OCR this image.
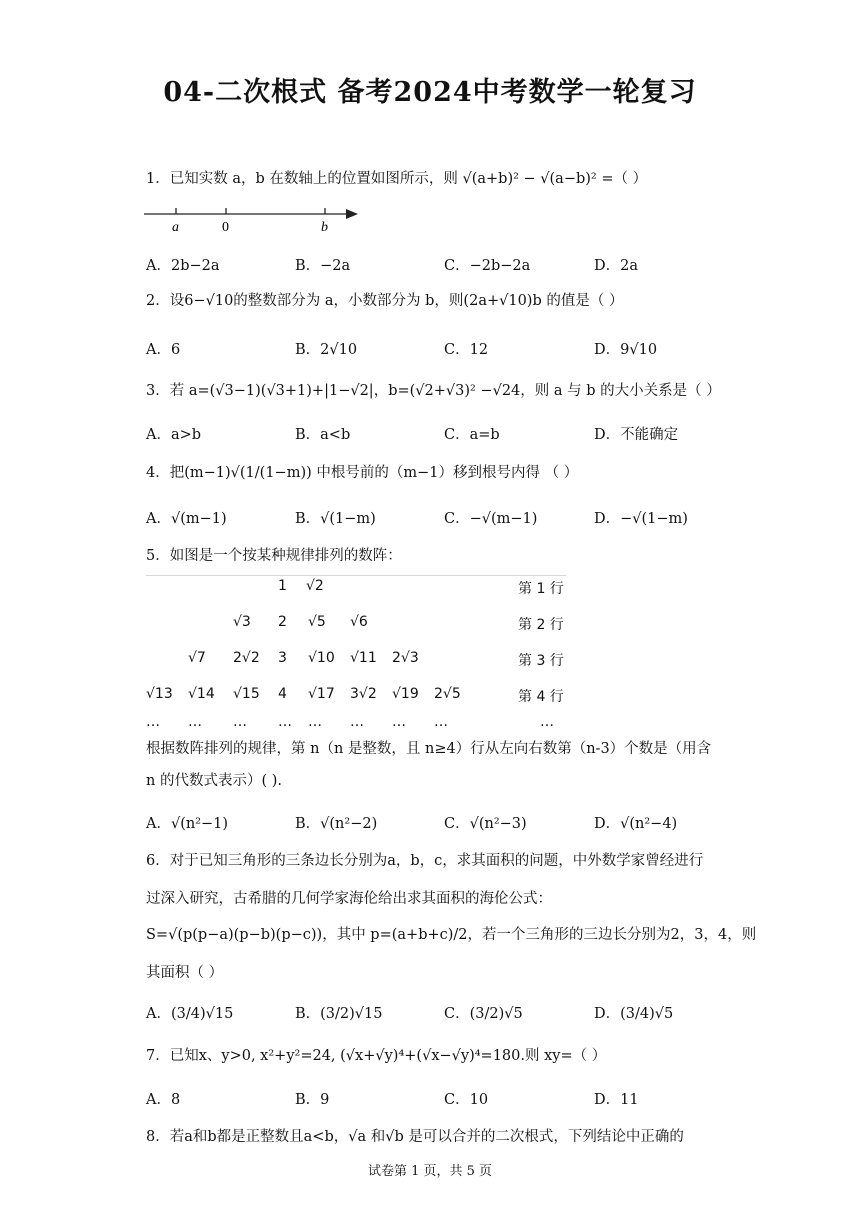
04-二次根式 备考2024中考数学一轮复习
1．已知实数 a，b 在数轴上的位置如图所示，则 √(a+b)² − √(a−b)² =（ ）
a	0	b
A．2b−2a	B．−2a	C．−2b−2a	D．2a
2．设6−√10的整数部分为 a，小数部分为 b，则(2a+√10)b 的值是（ ）
A．6	B．2√10	C．12	D．9√10
3．若 a=(√3−1)(√3+1)+|1−√2|，b=(√2+√3)² −√24，则 a 与 b 的大小关系是（ ）
A．a>b	B．a<b	C．a=b	D．不能确定
4．把(m−1)√(1/(1−m)) 中根号前的（m−1）移到根号内得 （ ）
A．√(m−1)	B．√(1−m)	C．−√(m−1)	D．−√(1−m)
5．如图是一个按某种规律排列的数阵：
1 √2	第 1 行
√3 2 √5 √6	第 2 行
√7 2√2 3 √10 √11 2√3	第 3 行
√13 √14 √15 4 √17 3√2 √19 2√5	第 4 行
… … … … … … … …	…
根据数阵排列的规律，第 n（n 是整数，且 n≥4）行从左向右数第（n-3）个数是（用含
n 的代数式表示）( ).
A．√(n²−1)	B．√(n²−2)	C．√(n²−3)	D．√(n²−4)
6．对于已知三角形的三条边长分别为a，b，c，求其面积的问题，中外数学家曾经进行
过深入研究，古希腊的几何学家海伦给出求其面积的海伦公式：
S=√(p(p−a)(p−b)(p−c))，其中 p=(a+b+c)/2，若一个三角形的三边长分别为2，3，4，则
其面积（ ）
A．(3/4)√15	B．(3/2)√15	C．(3/2)√5	D．(3/4)√5
7．已知x、y>0, x²+y²=24, (√x+√y)⁴+(√x−√y)⁴=180.则 xy=（ ）
A．8	B．9	C．10	D．11
8．若a和b都是正整数且a<b，√a 和√b 是可以合并的二次根式，下列结论中正确的
试卷第 1 页，共 5 页
